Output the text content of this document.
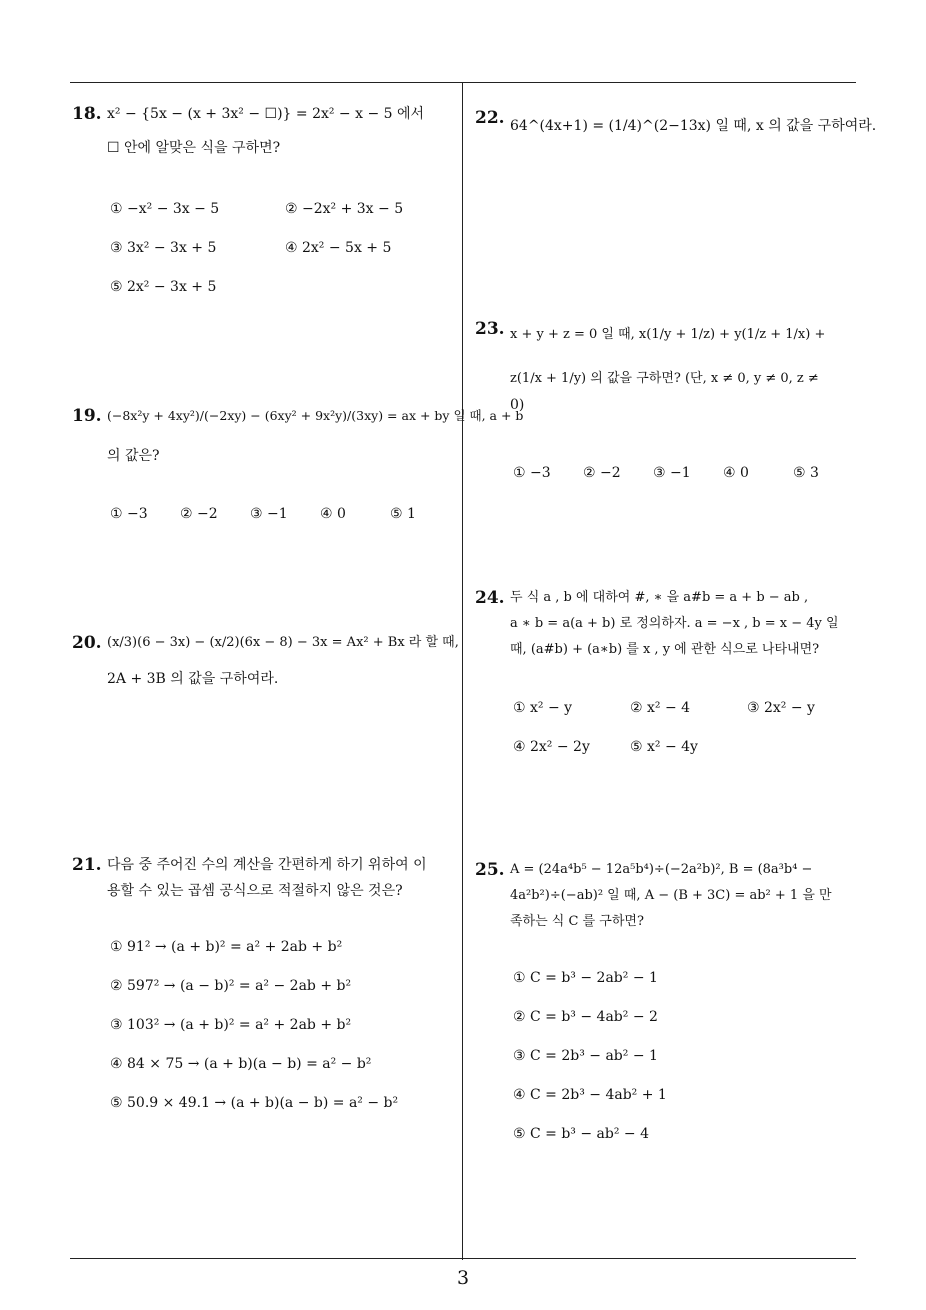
18. x² − {5x − (x + 3x² − ☐)} = 2x² − x − 5 에서
☐ 안에 알맞은 식을 구하면?
① −x² − 3x − 5	② −2x² + 3x − 5
③ 3x² − 3x + 5	④ 2x² − 5x + 5
⑤ 2x² − 3x + 5
19. (−8x²y + 4xy²)/(−2xy) − (6xy² + 9x²y)/(3xy) = ax + by 일 때, a + b
의 값은?
① −3 ② −2 ③ −1 ④ 0	⑤ 1
20. (x/3)(6 − 3x) − (x/2)(6x − 8) − 3x = Ax² + Bx 라 할 때,
2A + 3B 의 값을 구하여라.
21. 다음 중 주어진 수의 계산을 간편하게 하기 위하여 이
용할 수 있는 곱셈 공식으로 적절하지 않은 것은?
① 91² → (a + b)² = a² + 2ab + b²
② 597² → (a − b)² = a² − 2ab + b²
③ 103² → (a + b)² = a² + 2ab + b²
④ 84 × 75 → (a + b)(a − b) = a² − b²
⑤ 50.9 × 49.1 → (a + b)(a − b) = a² − b²
22. 64^(4x+1) = (1/4)^(2−13x) 일 때, x 의 값을 구하여라.
23. x + y + z = 0 일 때, x(1/y + 1/z) + y(1/z + 1/x) +
z(1/x + 1/y) 의 값을 구하면? (단, x ≠ 0, y ≠ 0, z ≠
0)
① −3 ② −2 ③ −1 ④ 0	⑤ 3
24. 두 식 a , b 에 대하여 #, ∗ 을 a#b = a + b − ab ,
a ∗ b = a(a + b) 로 정의하자. a = −x , b = x − 4y 일
때, (a#b) + (a∗b) 를 x , y 에 관한 식으로 나타내면?
① x² − y	② x² − 4	③ 2x² − y
④ 2x² − 2y	⑤ x² − 4y
25. A = (24a⁴b⁵ − 12a⁵b⁴)÷(−2a²b)², B = (8a³b⁴ −
4a²b²)÷(−ab)² 일 때, A − (B + 3C) = ab² + 1 을 만
족하는 식 C 를 구하면?
① C = b³ − 2ab² − 1
② C = b³ − 4ab² − 2
③ C = 2b³ − ab² − 1
④ C = 2b³ − 4ab² + 1
⑤ C = b³ − ab² − 4
3
